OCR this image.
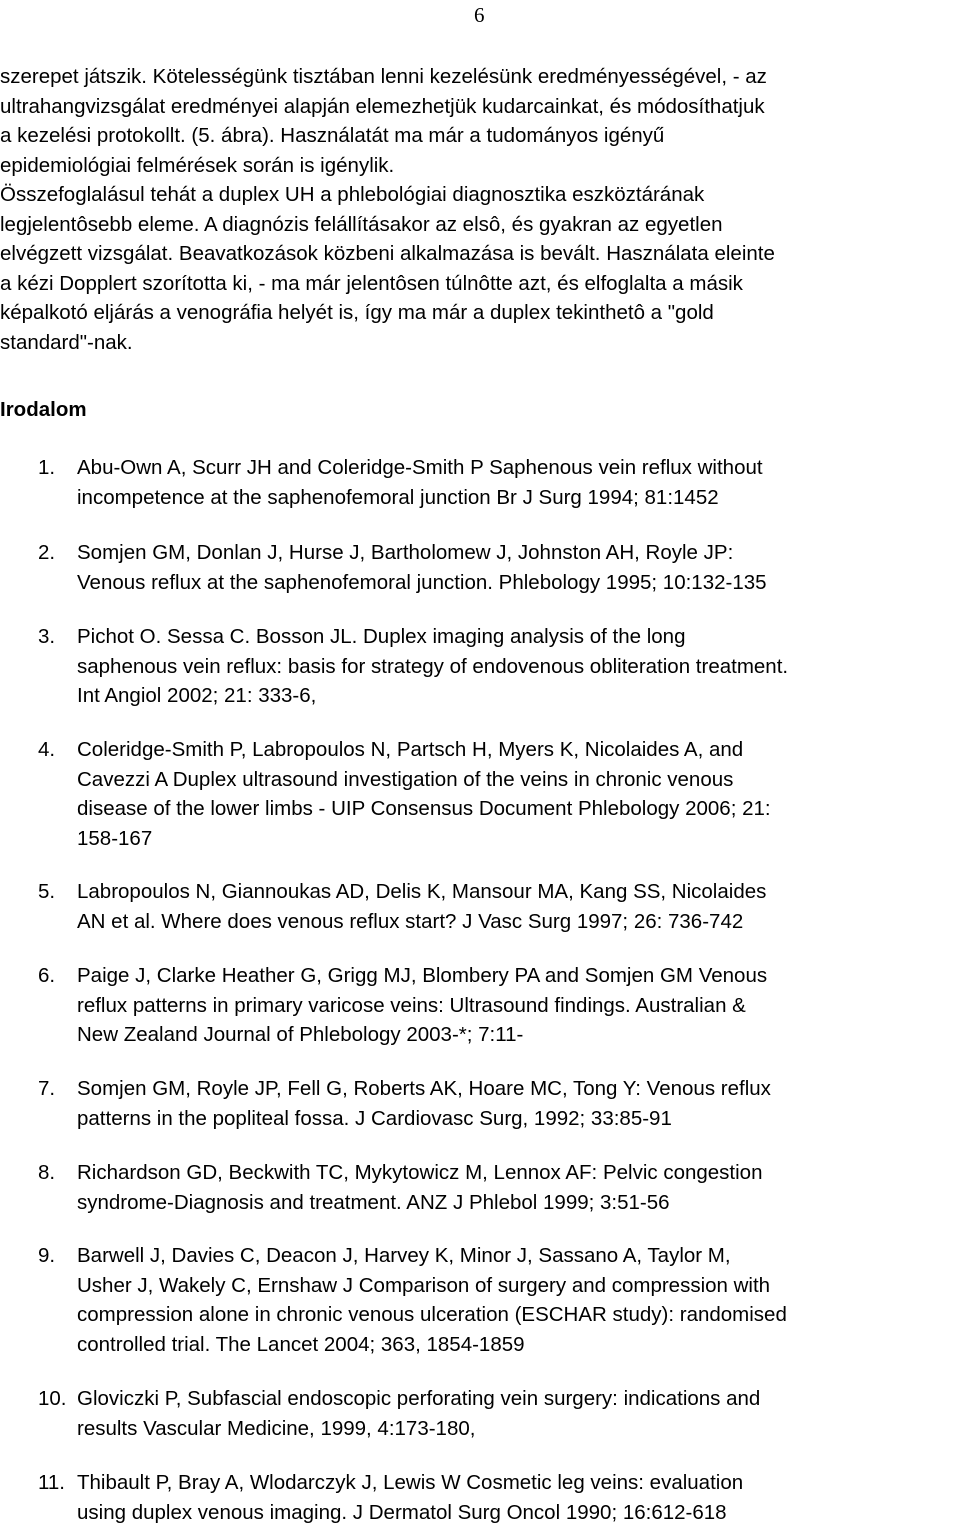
6

szerepet játszik. Kötelességünk tisztában lenni kezelésünk eredményességével, - az
ultrahangvizsgálat eredményei alapján elemezhetjük kudarcainkat, és módosíthatjuk
a kezelési protokollt. (5. ábra). Használatát ma már a tudományos igényű
epidemiológiai felmérések során is igénylik.
Összefoglalásul tehát a duplex UH a phlebológiai diagnosztika eszköztárának
legjelentôsebb eleme. A diagnózis felállításakor az elsô, és gyakran az egyetlen
elvégzett vizsgálat. Beavatkozások közbeni alkalmazása is bevált. Használata eleinte
a kézi Dopplert szorította ki, - ma már jelentôsen túlnôtte azt, és elfoglalta a másik
képalkotó eljárás a venográfia helyét is, így ma már a duplex tekinthetô a "gold
standard"-nak.

Irodalom
1. Abu-Own A, Scurr JH and Coleridge-Smith P Saphenous vein reflux without
incompetence at the saphenofemoral junction Br J Surg 1994; 81:1452
2. Somjen GM, Donlan J, Hurse J, Bartholomew J, Johnston AH, Royle JP:
Venous reflux at the saphenofemoral junction. Phlebology 1995; 10:132-135
3. Pichot O. Sessa C. Bosson JL. Duplex imaging analysis of the long
saphenous vein reflux: basis for strategy of endovenous obliteration treatment.
Int Angiol 2002; 21: 333-6,
4. Coleridge-Smith P, Labropoulos N, Partsch H, Myers K, Nicolaides A, and
Cavezzi A Duplex ultrasound investigation of the veins in chronic venous
disease of the lower limbs - UIP Consensus Document Phlebology 2006; 21:
158-167
5. Labropoulos N, Giannoukas AD, Delis K, Mansour MA, Kang SS, Nicolaides
AN et al. Where does venous reflux start? J Vasc Surg 1997; 26: 736-742
6. Paige J, Clarke Heather G, Grigg MJ, Blombery PA and Somjen GM Venous
reflux patterns in primary varicose veins: Ultrasound findings. Australian &
New Zealand Journal of Phlebology 2003-*; 7:11-
7. Somjen GM, Royle JP, Fell G, Roberts AK, Hoare MC, Tong Y: Venous reflux
patterns in the popliteal fossa. J Cardiovasc Surg, 1992; 33:85-91
8. Richardson GD, Beckwith TC, Mykytowicz M, Lennox AF: Pelvic congestion
syndrome-Diagnosis and treatment. ANZ J Phlebol 1999; 3:51-56
9. Barwell J, Davies C, Deacon J, Harvey K, Minor J, Sassano A, Taylor M,
Usher J, Wakely C, Ernshaw J Comparison of surgery and compression with
compression alone in chronic venous ulceration (ESCHAR study): randomised
controlled trial. The Lancet 2004; 363, 1854-1859
10. Gloviczki P, Subfascial endoscopic perforating vein surgery: indications and
results Vascular Medicine, 1999, 4:173-180,
11. Thibault P, Bray A, Wlodarczyk J, Lewis W Cosmetic leg veins: evaluation
using duplex venous imaging. J Dermatol Surg Oncol 1990; 16:612-618
